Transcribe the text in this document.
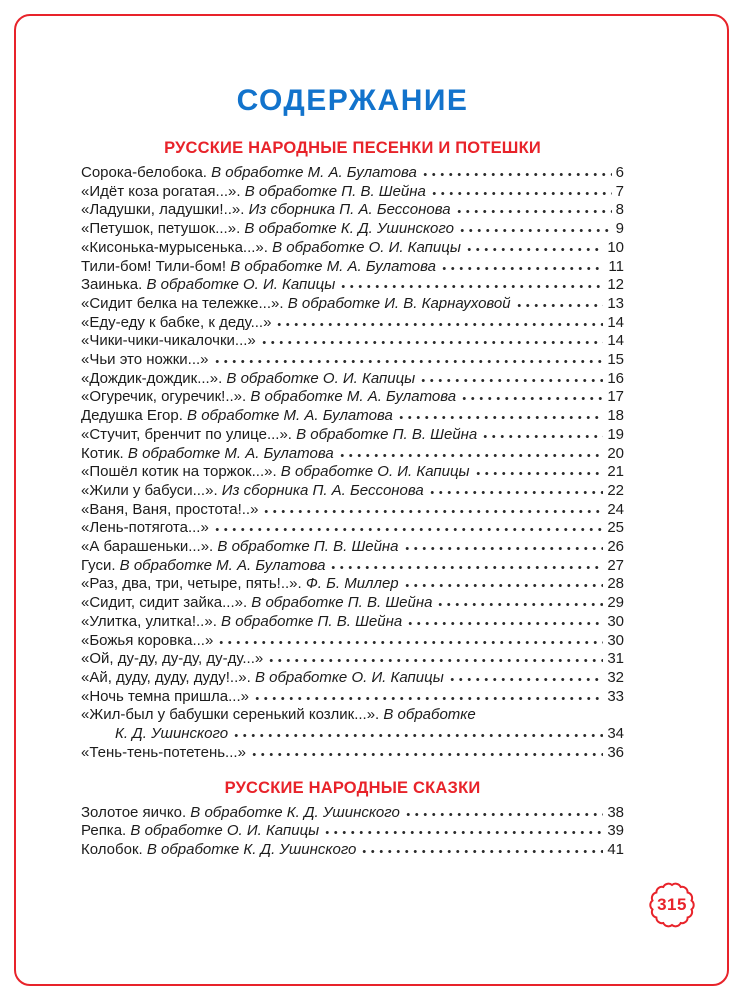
СОДЕРЖАНИЕ
РУССКИЕ НАРОДНЫЕ ПЕСЕНКИ И ПОТЕШКИ
Сорока-белобока. В обработке М. А. Булатова	6
«Идёт коза рогатая...». В обработке П. В. Шейна	7
«Ладушки, ладушки!..». Из сборника П. А. Бессонова	8
«Петушок, петушок...». В обработке К. Д. Ушинского	9
«Кисонька-мурысенька...». В обработке О. И. Капицы	10
Тили-бом! Тили-бом! В обработке М. А. Булатова	11
Заинька. В обработке О. И. Капицы	12
«Сидит белка на тележке...». В обработке И. В. Карнауховой	13
«Еду-еду к бабке, к деду...»	14
«Чики-чики-чикалочки...»	14
«Чьи это ножки...»	15
«Дождик-дождик...». В обработке О. И. Капицы	16
«Огуречик, огуречик!..». В обработке М. А. Булатова	17
Дедушка Егор. В обработке М. А. Булатова	18
«Стучит, бренчит по улице...». В обработке П. В. Шейна	19
Котик. В обработке М. А. Булатова	20
«Пошёл котик на торжок...». В обработке О. И. Капицы	21
«Жили у бабуси...». Из сборника П. А. Бессонова	22
«Ваня, Ваня, простота!..»	24
«Лень-потягота...»	25
«А барашеньки...». В обработке П. В. Шейна	26
Гуси. В обработке М. А. Булатова	27
«Раз, два, три, четыре, пять!..». Ф. Б. Миллер	28
«Сидит, сидит зайка...». В обработке П. В. Шейна	29
«Улитка, улитка!..». В обработке П. В. Шейна	30
«Божья коровка...»	30
«Ой, ду-ду, ду-ду, ду-ду...»	31
«Ай, дуду, дуду, дуду!..». В обработке О. И. Капицы	32
«Ночь темна пришла...»	33
«Жил-был у бабушки серенький козлик...». В обработке
К. Д. Ушинского	34
«Тень-тень-потетень...»	36
РУССКИЕ НАРОДНЫЕ СКАЗКИ
Золотое яичко. В обработке К. Д. Ушинского	38
Репка. В обработке О. И. Капицы	39
Колобок. В обработке К. Д. Ушинского	41
315
